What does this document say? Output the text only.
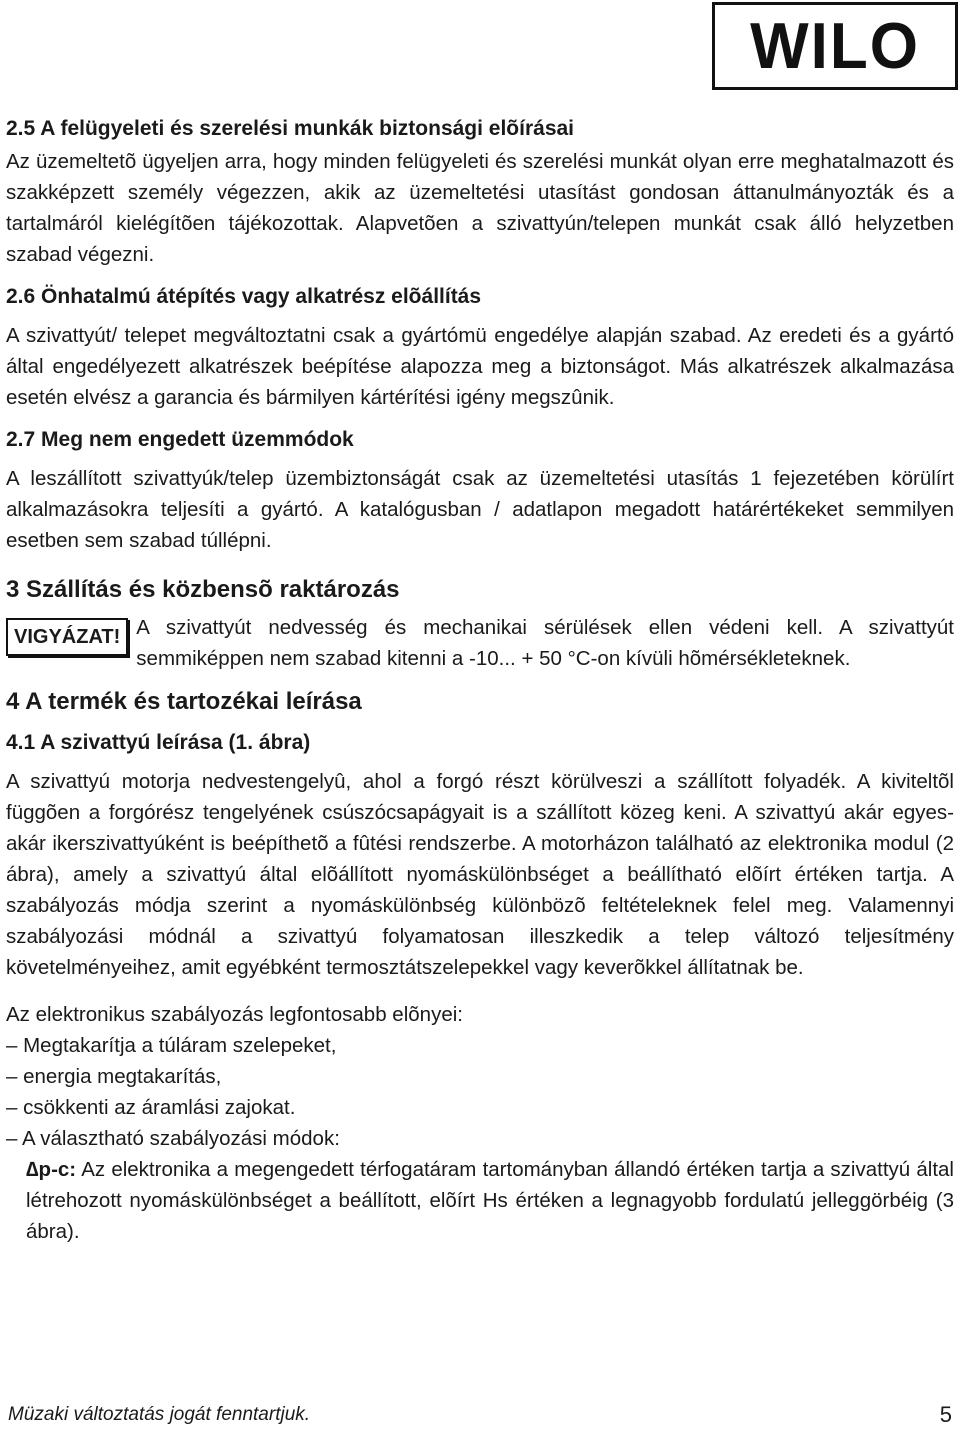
WILO
2.5 A felügyeleti és szerelési munkák biztonsági elõírásai

Az üzemeltetõ ügyeljen arra, hogy minden felügyeleti és szerelési munkát olyan erre meghatalmazott és szakképzett személy végezzen, akik az üzemeltetési utasítást gondosan áttanulmányozták és a tartalmáról kielégítõen tájékozottak. Alapvetõen a szivattyún/telepen munkát csak álló helyzetben szabad végezni.

2.6 Önhatalmú átépítés vagy alkatrész elõállítás

A szivattyút/ telepet megváltoztatni csak a gyártómü engedélye alapján szabad. Az eredeti és a gyártó által engedélyezett alkatrészek beépítése alapozza meg a biztonságot. Más alkatrészek alkalmazása esetén elvész a garancia és bármilyen kártérítési igény megszûnik.

2.7 Meg nem engedett üzemmódok

A leszállított szivattyúk/telep üzembiztonságát csak az üzemeltetési utasítás 1 fejezetében körülírt alkalmazásokra teljesíti a gyártó. A katalógusban / adatlapon megadott határértékeket semmilyen esetben sem szabad túllépni.

3 Szállítás és közbensõ raktározás
VIGYÁZAT! A szivattyút nedvesség és mechanikai sérülések ellen védeni kell. A szivattyút semmiképpen nem szabad kitenni a -10... + 50 °C-on kívüli hõmérsékleteknek.

4 A termék és tartozékai leírása
4.1 A szivattyú leírása (1. ábra)

A szivattyú motorja nedvestengelyû, ahol a forgó részt körülveszi a szállított folyadék. A kiviteltõl függõen a forgórész tengelyének csúszócsapágyait is a szállított közeg keni. A szivattyú akár egyes- akár ikerszivattyúként is beépíthetõ a fûtési rendszerbe. A motorházon található az elektronika modul (2 ábra), amely a szivattyú által elõállított nyomáskülönbséget a beállítható elõírt értéken tartja. A szabályozás módja szerint a nyomáskülönbség különbözõ feltételeknek felel meg. Valamennyi szabályozási módnál a szivattyú folyamatosan illeszkedik a telep változó teljesítmény követelményeihez, amit egyébként termosztátszelepekkel vagy keverõkkel állítatnak be.

Az elektronikus szabályozás legfontosabb elõnyei:

– Megtakarítja a túláram szelepeket,
– energia megtakarítás,
– csökkenti az áramlási zajokat.
– A választható szabályozási módok:

∆p-c: Az elektronika a megengedett térfogatáram tartományban állandó értéken tartja a szivattyú által létrehozott nyomáskülönbséget a beállított, elõírt Hs értéken a legnagyobb fordulatú jelleggörbéig (3 ábra).

Müzaki változtatás jogát fenntartjuk.	5
